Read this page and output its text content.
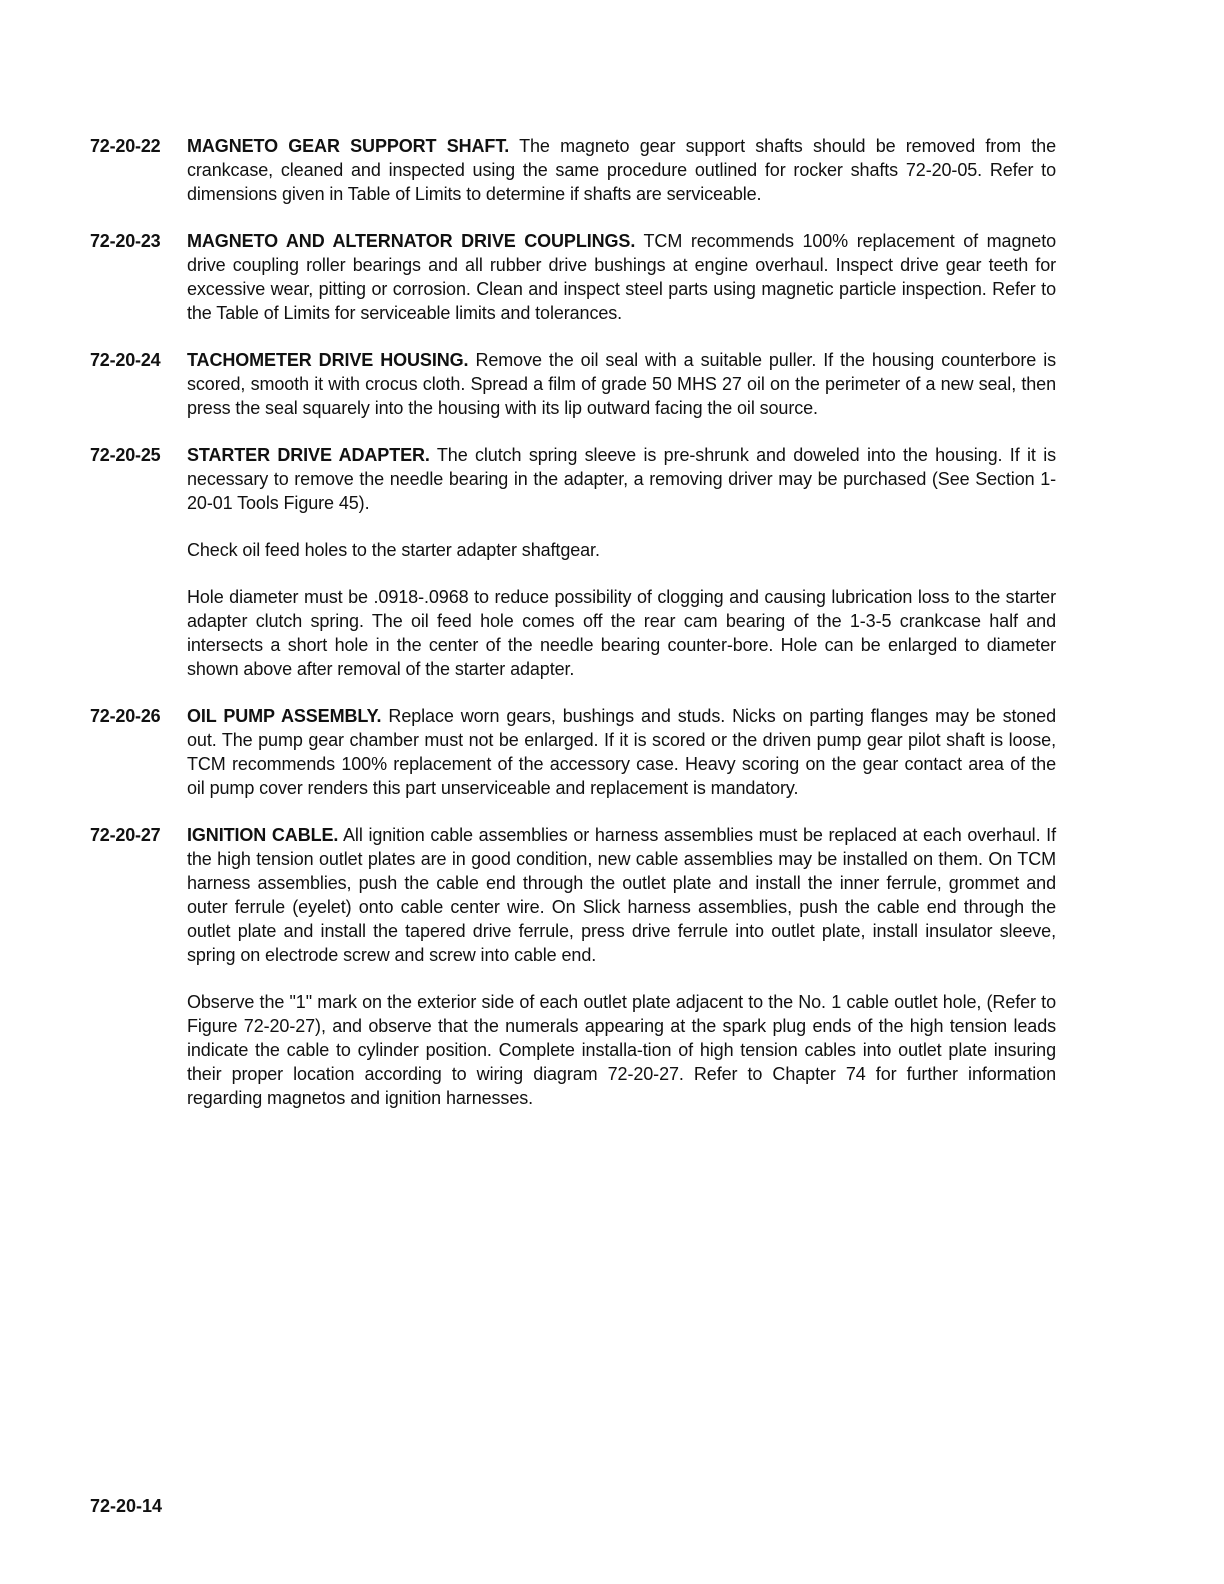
72-20-22 MAGNETO GEAR SUPPORT SHAFT. The magneto gear support shafts should be removed from the crankcase, cleaned and inspected using the same procedure outlined for rocker shafts 72-20-05. Refer to dimensions given in Table of Limits to determine if shafts are serviceable.

72-20-23 MAGNETO AND ALTERNATOR DRIVE COUPLINGS. TCM recommends 100% replacement of magneto drive coupling roller bearings and all rubber drive bushings at engine overhaul. Inspect drive gear teeth for excessive wear, pitting or corrosion. Clean and inspect steel parts using magnetic particle inspection. Refer to the Table of Limits for serviceable limits and tolerances.

72-20-24 TACHOMETER DRIVE HOUSING. Remove the oil seal with a suitable puller. If the housing counterbore is scored, smooth it with crocus cloth. Spread a film of grade 50 MHS 27 oil on the perimeter of a new seal, then press the seal squarely into the housing with its lip outward facing the oil source.

72-20-25 STARTER DRIVE ADAPTER. The clutch spring sleeve is pre-shrunk and doweled into the housing. If it is necessary to remove the needle bearing in the adapter, a removing driver may be purchased (See Section 1-20-01 Tools Figure 45).

Check oil feed holes to the starter adapter shaftgear.

Hole diameter must be .0918-.0968 to reduce possibility of clogging and causing lubrication loss to the starter adapter clutch spring. The oil feed hole comes off the rear cam bearing of the 1-3-5 crankcase half and intersects a short hole in the center of the needle bearing counter-bore. Hole can be enlarged to diameter shown above after removal of the starter adapter.

72-20-26 OIL PUMP ASSEMBLY. Replace worn gears, bushings and studs. Nicks on parting flanges may be stoned out. The pump gear chamber must not be enlarged. If it is scored or the driven pump gear pilot shaft is loose, TCM recommends 100% replacement of the accessory case. Heavy scoring on the gear contact area of the oil pump cover renders this part unserviceable and replacement is mandatory.

72-20-27 IGNITION CABLE. All ignition cable assemblies or harness assemblies must be replaced at each overhaul. If the high tension outlet plates are in good condition, new cable assemblies may be installed on them. On TCM harness assemblies, push the cable end through the outlet plate and install the inner ferrule, grommet and outer ferrule (eyelet) onto cable center wire. On Slick harness assemblies, push the cable end through the outlet plate and install the tapered drive ferrule, press drive ferrule into outlet plate, install insulator sleeve, spring on electrode screw and screw into cable end.

Observe the "1" mark on the exterior side of each outlet plate adjacent to the No. 1 cable outlet hole, (Refer to Figure 72-20-27), and observe that the numerals appearing at the spark plug ends of the high tension leads indicate the cable to cylinder position. Complete installa-tion of high tension cables into outlet plate insuring their proper location according to wiring diagram 72-20-27. Refer to Chapter 74 for further information regarding magnetos and ignition harnesses.

72-20-14
